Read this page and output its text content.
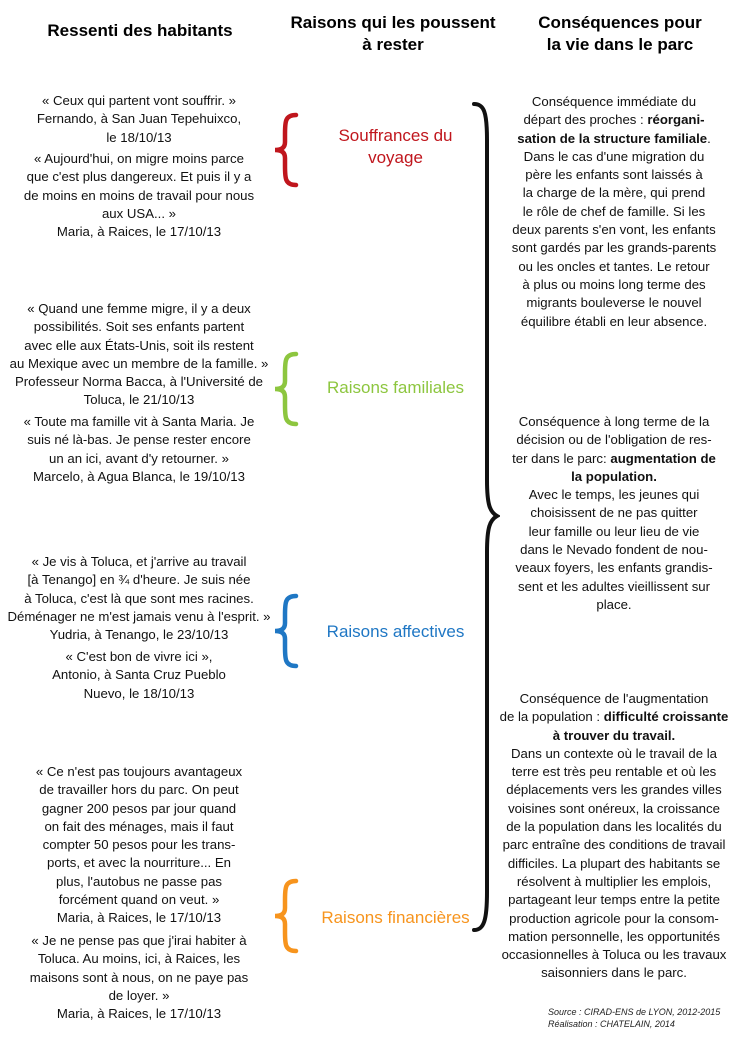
Ressenti des habitants	Raisons qui les poussent
à rester
Conséquences pour
la vie dans le parc
« Ceux qui partent vont souffrir. »
Fernando, à San Juan Tepehuixco,
le 18/10/13
« Aujourd'hui, on migre moins parce
que c'est plus dangereux. Et puis il y a
de moins en moins de travail pour nous
aux USA... »
Maria, à Raices, le 17/10/13
« Quand une femme migre, il y a deux
possibilités. Soit ses enfants partent
avec elle aux États-Unis, soit ils restent
au Mexique avec un membre de la famille. »
Professeur Norma Bacca, à l'Université de
Toluca, le 21/10/13
« Toute ma famille vit à Santa Maria. Je
suis né là-bas. Je pense rester encore
un an ici, avant d'y retourner. »
Marcelo, à Agua Blanca, le 19/10/13
« Je vis à Toluca, et j'arrive au travail
[à Tenango] en ¾ d'heure. Je suis née
à Toluca, c'est là que sont mes racines.
Déménager ne m'est jamais venu à l'esprit. »
Yudria, à Tenango, le 23/10/13
« C'est bon de vivre ici »,
Antonio, à Santa Cruz Pueblo
Nuevo, le 18/10/13
« Ce n'est pas toujours avantageux
de travailler hors du parc. On peut
gagner 200 pesos par jour quand
on fait des ménages, mais il faut
compter 50 pesos pour les trans-
ports, et avec la nourriture... En
plus, l'autobus ne passe pas
forcément quand on veut. »
Maria, à Raices, le 17/10/13
« Je ne pense pas que j'irai habiter à
Toluca. Au moins, ici, à Raices, les
maisons sont à nous, on ne paye pas
de loyer. »
Maria, à Raices, le 17/10/13
Souffrances du
voyage
Raisons familiales
Raisons affectives
Raisons financières
Conséquence immédiate du
départ des proches : réorgani-
sation de la structure familiale.
Dans le cas d'une migration du
père les enfants sont laissés à
la charge de la mère, qui prend
le rôle de chef de famille. Si les
deux parents s'en vont, les enfants
sont gardés par les grands-parents
ou les oncles et tantes. Le retour
à plus ou moins long terme des
migrants bouleverse le nouvel
équilibre établi en leur absence.
Conséquence à long terme de la
décision ou de l'obligation de res-
ter dans le parc: augmentation de
la population.
Avec le temps, les jeunes qui
choisissent de ne pas quitter
leur famille ou leur lieu de vie
dans le Nevado fondent de nou-
veaux foyers, les enfants grandis-
sent et les adultes vieillissent sur
place.
Conséquence de l'augmentation
de la population : difficulté croissante
à trouver du travail.
Dans un contexte où le travail de la
terre est très peu rentable et où les
déplacements vers les grandes villes
voisines sont onéreux, la croissance
de la population dans les localités du
parc entraîne des conditions de travail
difficiles. La plupart des habitants se
résolvent à multiplier les emplois,
partageant leur temps entre la petite
production agricole pour la consom-
mation personnelle, les opportunités
occasionnelles à Toluca ou les travaux
saisonniers dans le parc.
Source : CIRAD-ENS de LYON, 2012-2015
Réalisation : CHATELAIN, 2014
